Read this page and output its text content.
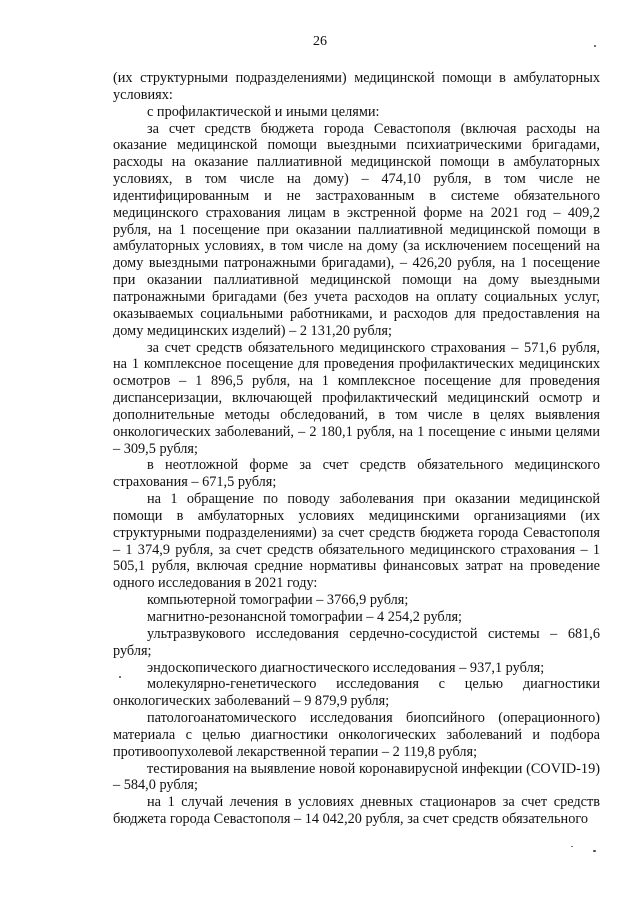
26

(их структурными подразделениями) медицинской помощи в амбулаторных условиях:

с профилактической и иными целями:

за счет средств бюджета города Севастополя (включая расходы на оказание медицинской помощи выездными психиатрическими бригадами, расходы на оказание паллиативной медицинской помощи в амбулаторных условиях, в том числе на дому) – 474,10 рубля, в том числе не идентифицированным и не застрахованным в системе обязательного медицинского страхования лицам в экстренной форме на 2021 год – 409,2 рубля, на 1 посещение при оказании паллиативной медицинской помощи в амбулаторных условиях, в том числе на дому (за исключением посещений на дому выездными патронажными бригадами), – 426,20 рубля, на 1 посещение при оказании паллиативной медицинской помощи на дому выездными патронажными бригадами (без учета расходов на оплату социальных услуг, оказываемых социальными работниками, и расходов для предоставления на дому медицинских изделий) – 2 131,20 рубля;

за счет средств обязательного медицинского страхования – 571,6 рубля, на 1 комплексное посещение для проведения профилактических медицинских осмотров – 1 896,5 рубля, на 1 комплексное посещение для проведения диспансеризации, включающей профилактический медицинский осмотр и дополнительные методы обследований, в том числе в целях выявления онкологических заболеваний, – 2 180,1 рубля, на 1 посещение с иными целями – 309,5 рубля;

в неотложной форме за счет средств обязательного медицинского страхования – 671,5 рубля;

на 1 обращение по поводу заболевания при оказании медицинской помощи в амбулаторных условиях медицинскими организациями (их структурными подразделениями) за счет средств бюджета города Севастополя – 1 374,9 рубля, за счет средств обязательного медицинского страхования – 1 505,1 рубля, включая средние нормативы финансовых затрат на проведение одного исследования в 2021 году:

компьютерной томографии – 3766,9 рубля;

магнитно-резонансной томографии – 4 254,2 рубля;

ультразвукового исследования сердечно-сосудистой системы – 681,6 рубля;

эндоскопического диагностического исследования – 937,1 рубля;

молекулярно-генетического исследования с целью диагностики онкологических заболеваний – 9 879,9 рубля;

патологоанатомического исследования биопсийного (операционного) материала с целью диагностики онкологических заболеваний и подбора противоопухолевой лекарственной терапии – 2 119,8 рубля;

тестирования на выявление новой коронавирусной инфекции (COVID-19) – 584,0 рубля;

на 1 случай лечения в условиях дневных стационаров за счет средств бюджета города Севастополя – 14 042,20 рубля, за счет средств обязательного
